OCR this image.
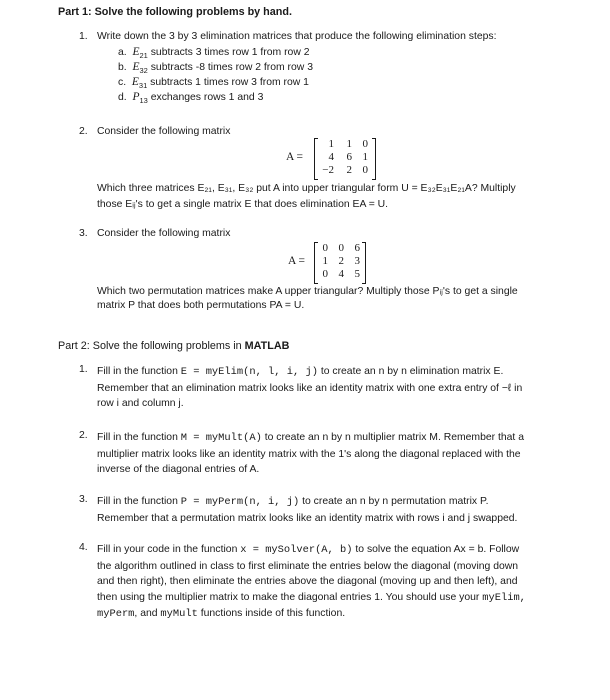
Part 1: Solve the following problems by hand.
1. Write down the 3 by 3 elimination matrices that produce the following elimination steps:
a. $E_{21}$ subtracts 3 times row 1 from row 2
b. $E_{32}$ subtracts -8 times row 2 from row 3
c. $E_{31}$ subtracts 1 times row 3 from row 1
d. $P_{13}$ exchanges rows 1 and 3
2. Consider the following matrix
A =
1	1 0
4	6 1
−2	2 0
Which three matrices E₂₁, E₃₁, E₃₂ put A into upper triangular form U = E₃₂E₃₁E₂₁A? Multiply
those Eᵢⱼ's to get a single matrix E that does elimination EA = U.
3. Consider the following matrix
A =
0 0 6
1 2 3
0 4 5
Which two permutation matrices make A upper triangular? Multiply those Pᵢⱼ's to get a single
matrix P that does both permutations PA = U.
Part 2: Solve the following problems in MATLAB
1. Fill in the function E = myElim(n, l, i, j) to create an n by n elimination matrix E.
Remember that an elimination matrix looks like an identity matrix with one extra entry of −ℓ in
row i and column j.
2. Fill in the function M = myMult(A) to create an n by n multiplier matrix M. Remember that a
multiplier matrix looks like an identity matrix with the 1's along the diagonal replaced with the
inverse of the diagonal entries of A.
3. Fill in the function P = myPerm(n, i, j) to create an n by n permutation matrix P.
Remember that a permutation matrix looks like an identity matrix with rows i and j swapped.
4. Fill in your code in the function x = mySolver(A, b) to solve the equation Ax = b. Follow
the algorithm outlined in class to first eliminate the entries below the diagonal (moving down
and then right), then eliminate the entries above the diagonal (moving up and then left), and
then using the multiplier matrix to make the diagonal entries 1. You should use your myElim,
myPerm, and myMult functions inside of this function.
